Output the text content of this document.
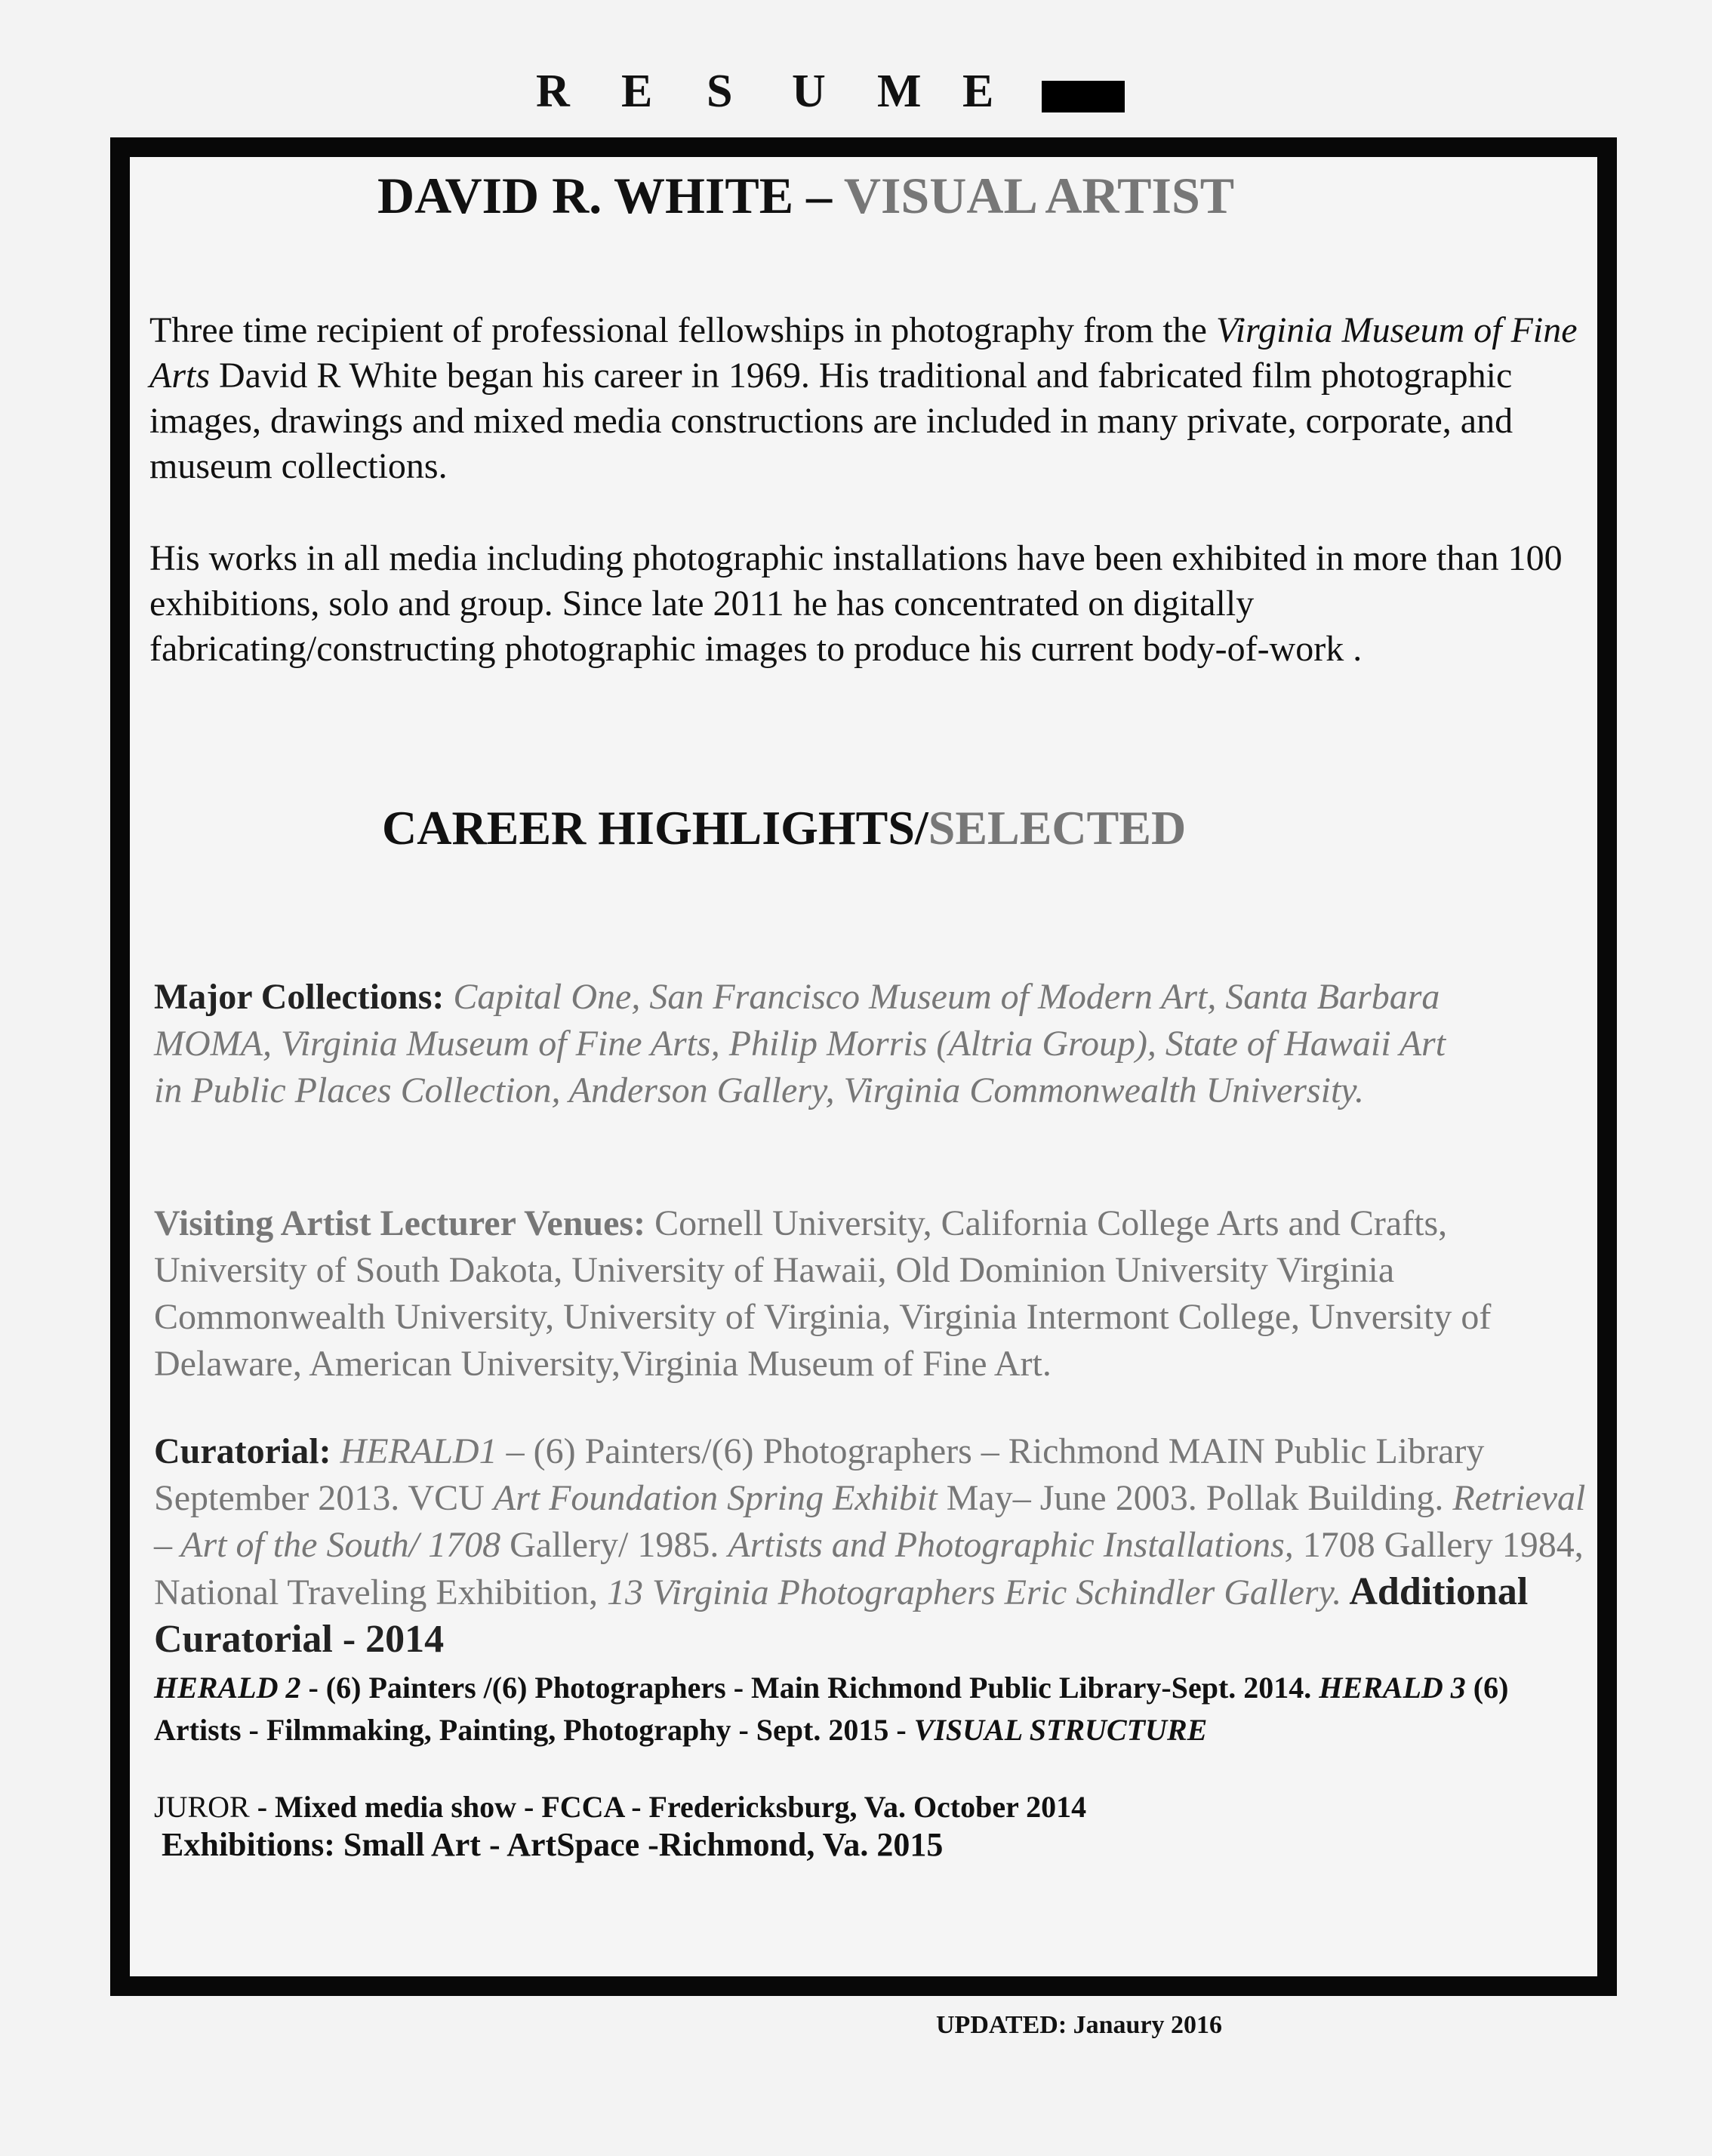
R	E	S	U	M E
DAVID R. WHITE – VISUAL ARTIST
Three time recipient of professional fellowships in photography from the Virginia Museum of Fine Arts David R White began his career in 1969. His traditional and fabricated film photographic images, drawings and mixed media constructions are included in many private, corporate, and museum collections.
His works in all media including photographic installations have been exhibited in more than 100 exhibitions, solo and group. Since late 2011 he has concentrated on digitally fabricating/constructing photographic images to produce his current body-of-work .
CAREER HIGHLIGHTS/SELECTED
Major Collections: Capital One, San Francisco Museum of Modern Art, Santa Barbara MOMA, Virginia Museum of Fine Arts, Philip Morris (Altria Group), State of Hawaii Art in Public Places Collection, Anderson Gallery, Virginia Commonwealth University.
Visiting Artist Lecturer Venues: Cornell University, California College Arts and Crafts, University of South Dakota, University of Hawaii, Old Dominion University Virginia Commonwealth University, University of Virginia, Virginia Intermont College, Unversity of Delaware, American University,Virginia Museum of Fine Art.
Curatorial: HERALD1 – (6) Painters/(6) Photographers – Richmond MAIN Public Library September 2013. VCU Art Foundation Spring Exhibit May– June 2003. Pollak Building. Retrieval – Art of the South/ 1708 Gallery/ 1985. Artists and Photographic Installations, 1708 Gallery 1984, National Traveling Exhibition, 13 Virginia Photographers Eric Schindler Gallery. Additional Curatorial - 2014
HERALD 2 - (6) Painters /(6) Photographers - Main Richmond Public Library-Sept. 2014. HERALD 3 (6) Artists - Filmmaking, Painting, Photography - Sept. 2015 - VISUAL STRUCTURE
JUROR - Mixed media show - FCCA - Fredericksburg, Va. October 2014
Exhibitions: Small Art - ArtSpace -Richmond, Va. 2015
UPDATED: Janaury 2016
